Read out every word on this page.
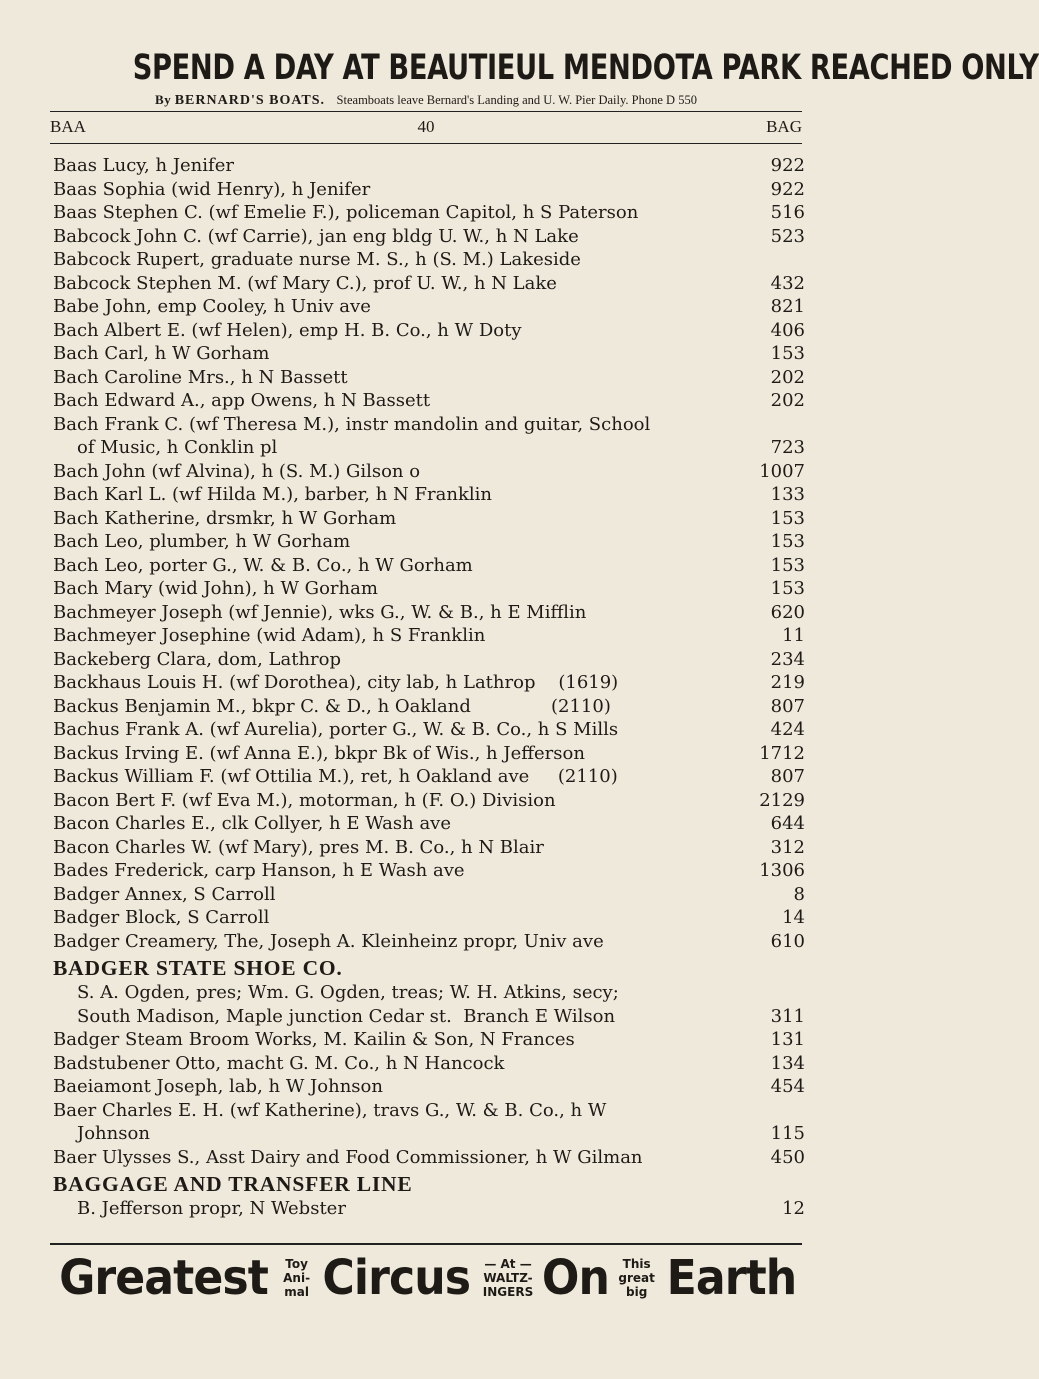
SPEND A DAY AT BEAUTIEUL MENDOTA PARK REACHED ONLY
By BERNARD'S BOATS. Steamboats leave Bernard's Landing and U. W. Pier Daily. Phone D 550
BAA	40	BAG
Baas Lucy, h Jenifer	922
Baas Sophia (wid Henry), h Jenifer	922
Baas Stephen C. (wf Emelie F.), policeman Capitol, h S Paterson	516
Babcock John C. (wf Carrie), jan eng bldg U. W., h N Lake	523
Babcock Rupert, graduate nurse M. S., h (S. M.) Lakeside
Babcock Stephen M. (wf Mary C.), prof U. W., h N Lake	432
Babe John, emp Cooley, h Univ ave	821
Bach Albert E. (wf Helen), emp H. B. Co., h W Doty	406
Bach Carl, h W Gorham	153
Bach Caroline Mrs., h N Bassett	202
Bach Edward A., app Owens, h N Bassett	202
Bach Frank C. (wf Theresa M.), instr mandolin and guitar, School
of Music, h Conklin pl	723
Bach John (wf Alvina), h (S. M.) Gilson o	1007
Bach Karl L. (wf Hilda M.), barber, h N Franklin	133
Bach Katherine, drsmkr, h W Gorham	153
Bach Leo, plumber, h W Gorham	153
Bach Leo, porter G., W. & B. Co., h W Gorham	153
Bach Mary (wid John), h W Gorham	153
Bachmeyer Joseph (wf Jennie), wks G., W. & B., h E Mifflin	620
Bachmeyer Josephine (wid Adam), h S Franklin	11
Backeberg Clara, dom, Lathrop	234
Backhaus Louis H. (wf Dorothea), city lab, h Lathrop    (1619)	219
Backus Benjamin M., bkpr C. & D., h Oakland              (2110)	807
Bachus Frank A. (wf Aurelia), porter G., W. & B. Co., h S Mills	424
Backus Irving E. (wf Anna E.), bkpr Bk of Wis., h Jefferson	1712
Backus William F. (wf Ottilia M.), ret, h Oakland ave     (2110)	807
Bacon Bert F. (wf Eva M.), motorman, h (F. O.) Division	2129
Bacon Charles E., clk Collyer, h E Wash ave	644
Bacon Charles W. (wf Mary), pres M. B. Co., h N Blair	312
Bades Frederick, carp Hanson, h E Wash ave	1306
Badger Annex, S Carroll	8
Badger Block, S Carroll	14
Badger Creamery, The, Joseph A. Kleinheinz propr, Univ ave	610
BADGER STATE SHOE CO.
S. A. Ogden, pres; Wm. G. Ogden, treas; W. H. Atkins, secy;
South Madison, Maple junction Cedar st.  Branch E Wilson	311
Badger Steam Broom Works, M. Kailin & Son, N Frances	131
Badstubener Otto, macht G. M. Co., h N Hancock	134
Baeiamont Joseph, lab, h W Johnson	454
Baer Charles E. H. (wf Katherine), travs G., W. & B. Co., h W
Johnson	115
Baer Ulysses S., Asst Dairy and Food Commissioner, h W Gilman	450
BAGGAGE AND TRANSFER LINE
B. Jefferson propr, N Webster	12
Greatest Toy
Ani-
mal Circus — At —
WALTZ-
INGERS On This
great
big Earth
